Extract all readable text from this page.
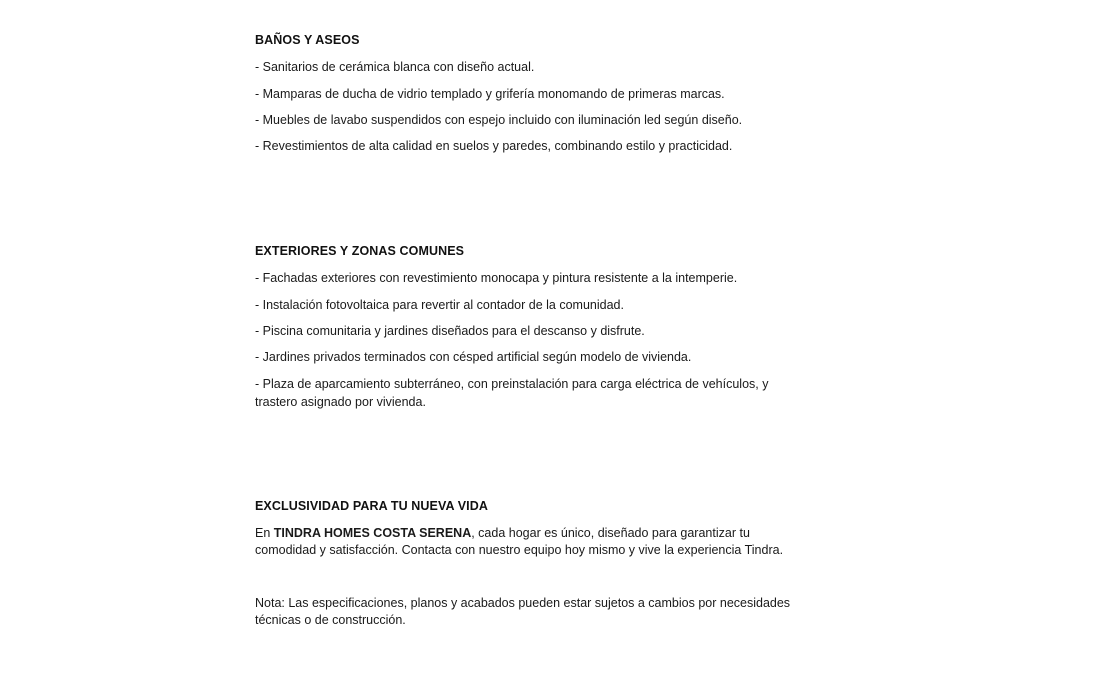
BAÑOS Y ASEOS
- Sanitarios de cerámica blanca con diseño actual.
- Mamparas de ducha de vidrio templado y grifería monomando de primeras marcas.
- Muebles de lavabo suspendidos con espejo incluido con iluminación led según diseño.
- Revestimientos de alta calidad en suelos y paredes, combinando estilo y practicidad.
EXTERIORES Y ZONAS COMUNES
- Fachadas exteriores con revestimiento monocapa y pintura resistente a la intemperie.
- Instalación fotovoltaica para revertir al contador de la comunidad.
- Piscina comunitaria y jardines diseñados para el descanso y disfrute.
- Jardines privados terminados con césped artificial según modelo de vivienda.
- Plaza de aparcamiento subterráneo, con preinstalación para carga eléctrica de vehículos, y
trastero asignado por vivienda.
EXCLUSIVIDAD PARA TU NUEVA VIDA
En TINDRA HOMES COSTA SERENA, cada hogar es único, diseñado para garantizar tu
comodidad y satisfacción. Contacta con nuestro equipo hoy mismo y vive la experiencia Tindra.
Nota: Las especificaciones, planos y acabados pueden estar sujetos a cambios por necesidades
técnicas o de construcción.
